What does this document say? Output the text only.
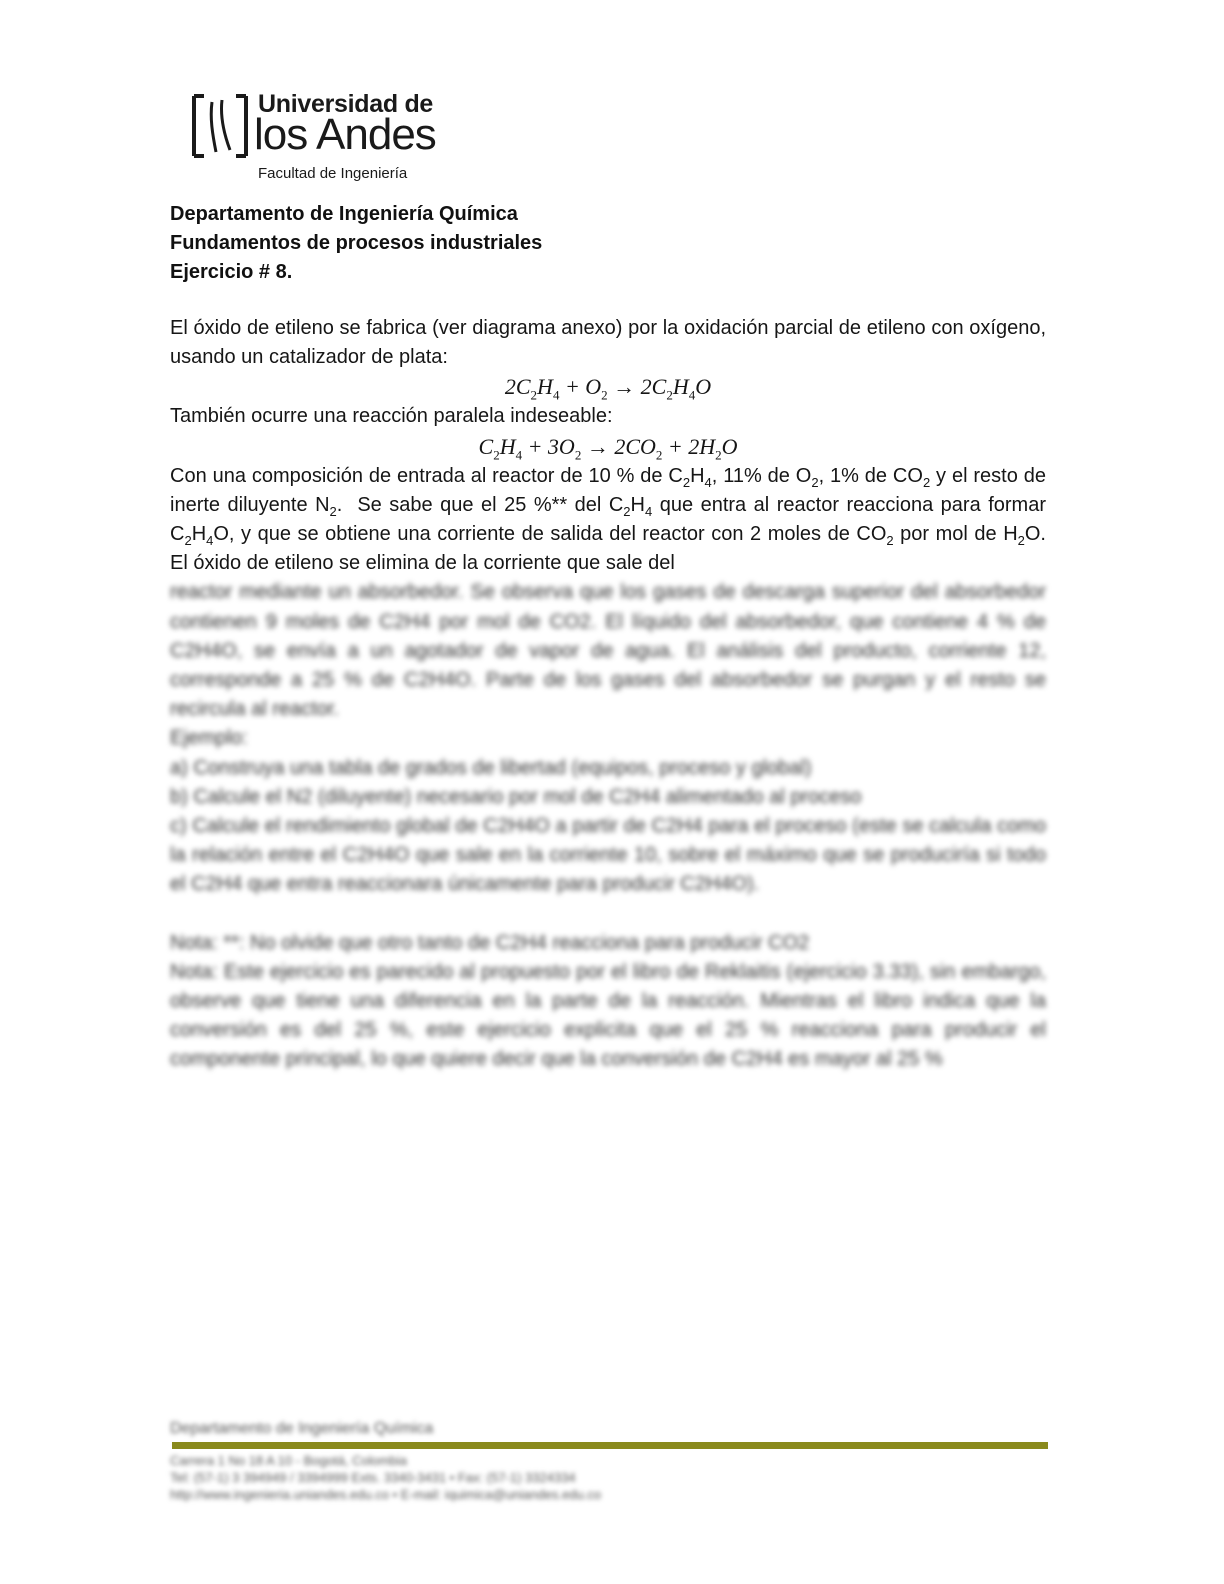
Universidad de
los Andes
Facultad de Ingeniería
Departamento de Ingeniería Química
Fundamentos de procesos industriales
Ejercicio # 8.

El óxido de etileno se fabrica (ver diagrama anexo) por la oxidación parcial de etileno con oxígeno, usando un catalizador de plata:

$2C_2H_4 + O_2 \to 2C_2H_4O$

También ocurre una reacción paralela indeseable:

$C_2H_4 + 3O_2 \to 2CO_2 + 2H_2O$

Con una composición de entrada al reactor de 10 % de $C_2H_4$, 11% de $O_2$, 1% de $CO_2$ y el resto de inerte diluyente $N_2$.  Se sabe que el 25 %** del $C_2H_4$ que entra al reactor reacciona para formar $C_2H_4O$, y que se obtiene una corriente de salida del reactor con 2 moles de $CO_2$ por mol de $H_2O$. El óxido de etileno se elimina de la corriente que sale del

reactor mediante un absorbedor. Se observa que los gases de descarga superior del absorbedor contienen 9 moles de C2H4 por mol de CO2. El líquido del absorbedor, que contiene 4 % de C2H4O, se envía a un agotador de vapor de agua. El análisis del producto, corriente 12, corresponde a 25 % de C2H4O. Parte de los gases del absorbedor se purgan y el resto se recircula al reactor.

Ejemplo:

a) Construya una tabla de grados de libertad (equipos, proceso y global)

b) Calcule el N2 (diluyente) necesario por mol de C2H4 alimentado al proceso

c) Calcule el rendimiento global de C2H4O a partir de C2H4 para el proceso (este se calcula como la relación entre el C2H4O que sale en la corriente 10, sobre el máximo que se produciría si todo el C2H4 que entra reaccionara únicamente para producir C2H4O).

Nota: **: No olvide que otro tanto de C2H4 reacciona para producir CO2

Nota: Este ejercicio es parecido al propuesto por el libro de Reklaitis (ejercicio 3.33), sin embargo, observe que tiene una diferencia en la parte de la reacción. Mientras el libro indica que la conversión es del 25 %, este ejercicio explicita que el 25 % reacciona para producir el componente principal, lo que quiere decir que la conversión de C2H4 es mayor al 25 %

Departamento de Ingeniería Química
Carrera 1 No 18 A 10 - Bogotá, Colombia
Tel: (57-1) 3 394949 / 3394999 Exts. 3340-3431 • Fax: (57-1) 3324334
http://www.ingenieria.uniandes.edu.co • E-mail: iquimica@uniandes.edu.co
